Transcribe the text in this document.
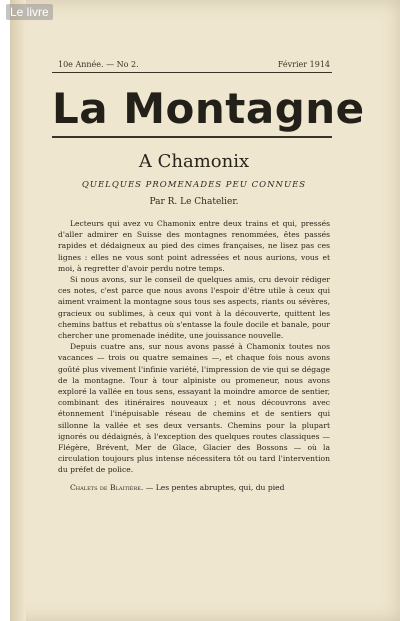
Le livre
10e Année. — No 2.	Février 1914
La Montagne
A Chamonix
QUELQUES PROMENADES PEU CONNUES
Par R. Le Chatelier.

Lecteurs qui avez vu Chamonix entre deux trains et qui, pressés d'aller admirer en Suisse des montagnes renommées, êtes passés rapides et dédaigneux au pied des cimes françaises, ne lisez pas ces lignes : elles ne vous sont point adressées et nous aurions, vous et moi, à regretter d'avoir perdu notre temps.

Si nous avons, sur le conseil de quelques amis, cru devoir rédiger ces notes, c'est parce que nous avons l'espoir d'être utile à ceux qui aiment vraiment la montagne sous tous ses aspects, riants ou sévères, gracieux ou sublimes, à ceux qui vont à la découverte, quittent les chemins battus et rebattus où s'entasse la foule docile et banale, pour chercher une promenade inédite, une jouissance nouvelle.

Depuis cuatre ans, sur nous avons passé à Chamonix toutes nos vacances — trois ou quatre semaines —, et chaque fois nous avons goûté plus vivement l'infinie variété, l'impression de vie qui se dégage de la montagne. Tour à tour alpiniste ou promeneur, nous avons exploré la vallée en tous sens, essayant la moindre amorce de sentier, combinant des itinéraires nouveaux ; et nous découvrons avec étonnement l'inépuisable réseau de chemins et de sentiers qui sillonne la vallée et ses deux versants. Chemins pour la plupart ignorés ou dédaignés, à l'exception des quelques routes classiques — Flégère, Brévent, Mer de Glace, Glacier des Bossons — où la circulation toujours plus intense nécessitera tôt ou tard l'intervention du préfet de police.

Chalets de Blaitière. — Les pentes abruptes, qui, du pied
